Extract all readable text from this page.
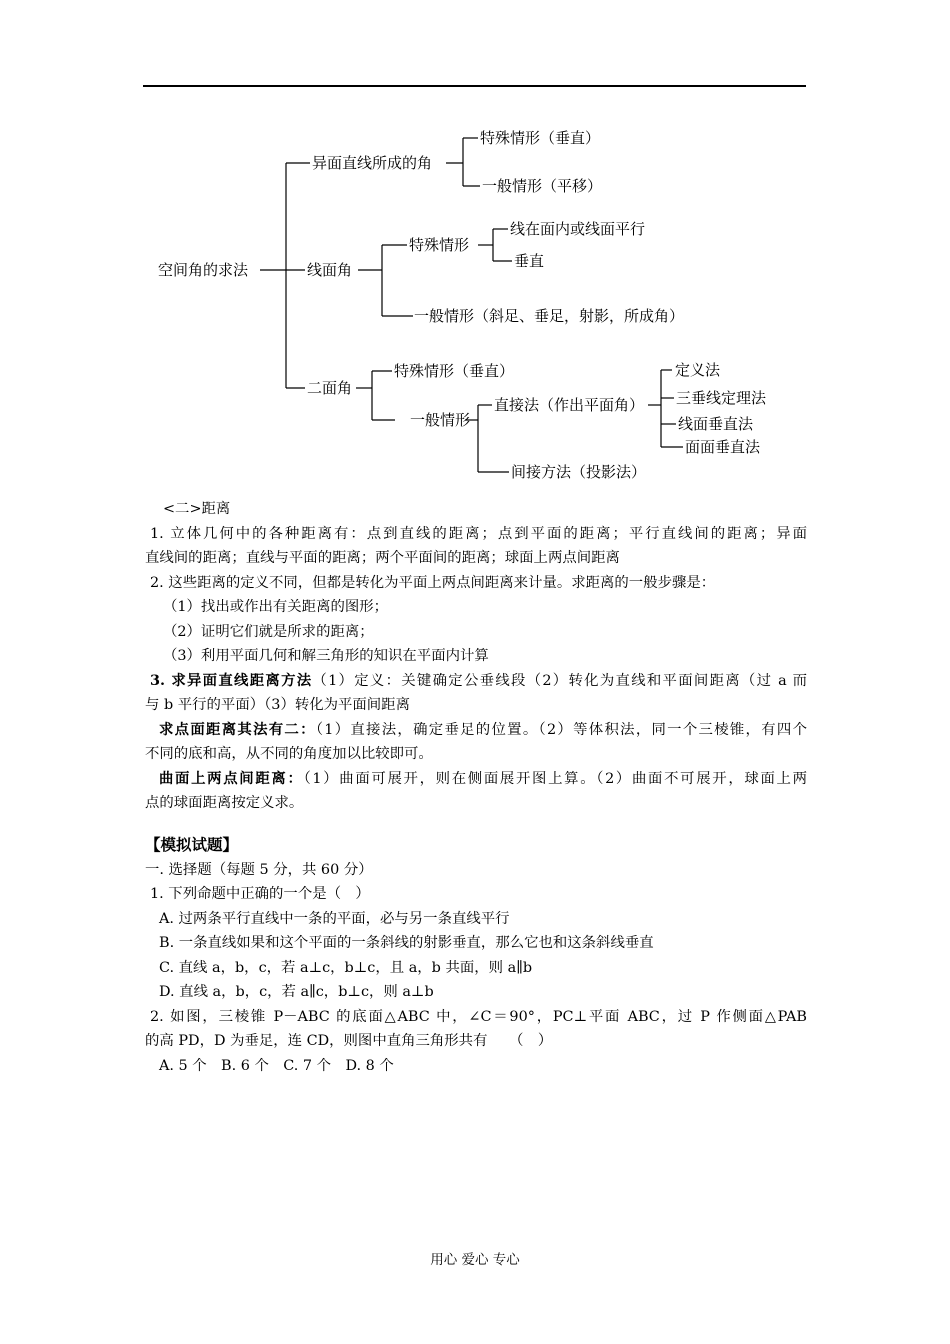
空间角的求法
异面直线所成的角
特殊情形（垂直）
一般情形（平移）
线面角
特殊情形
线在面内或线面平行
垂直
一般情形（斜足、垂足，射影，所成角）
二面角
特殊情形（垂直）
一般情形
直接法（作出平面角）
间接方法（投影法）
定义法
三垂线定理法
线面垂直法
面面垂直法

<二>距离

1. 立体几何中的各种距离有：点到直线的距离；点到平面的距离；平行直线间的距离；异面

直线间的距离；直线与平面的距离；两个平面间的距离；球面上两点间距离

2. 这些距离的定义不同，但都是转化为平面上两点间距离来计量。求距离的一般步骤是：

（1）找出或作出有关距离的图形；

（2）证明它们就是所求的距离；

（3）利用平面几何和解三角形的知识在平面内计算

3. 求异面直线距离方法（1）定义：关键确定公垂线段（2）转化为直线和平面间距离（过 a 而

与 b 平行的平面）（3）转化为平面间距离

求点面距离其法有二：（1）直接法，确定垂足的位置。（2）等体积法，同一个三棱锥，有四个

不同的底和高，从不同的角度加以比较即可。

曲面上两点间距离：（1）曲面可展开，则在侧面展开图上算。（2）曲面不可展开，球面上两

点的球面距离按定义求。

【模拟试题】

一. 选择题（每题 5 分，共 60 分）

1. 下列命题中正确的一个是（　）

A. 过两条平行直线中一条的平面，必与另一条直线平行

B. 一条直线如果和这个平面的一条斜线的射影垂直，那么它也和这条斜线垂直

C. 直线 a，b，c，若 a⊥c，b⊥c，且 a，b 共面，则 a∥b

D. 直线 a，b，c，若 a∥c，b⊥c，则 a⊥b

2. 如图，三棱锥 P－ABC 的底面△ABC 中，∠C＝90°，PC⊥平面 ABC，过 P 作侧面△PAB

的高 PD，D 为垂足，连 CD，则图中直角三角形共有　　（　）

A. 5 个　B. 6 个　C. 7 个　D. 8 个

用心 爱心 专心
